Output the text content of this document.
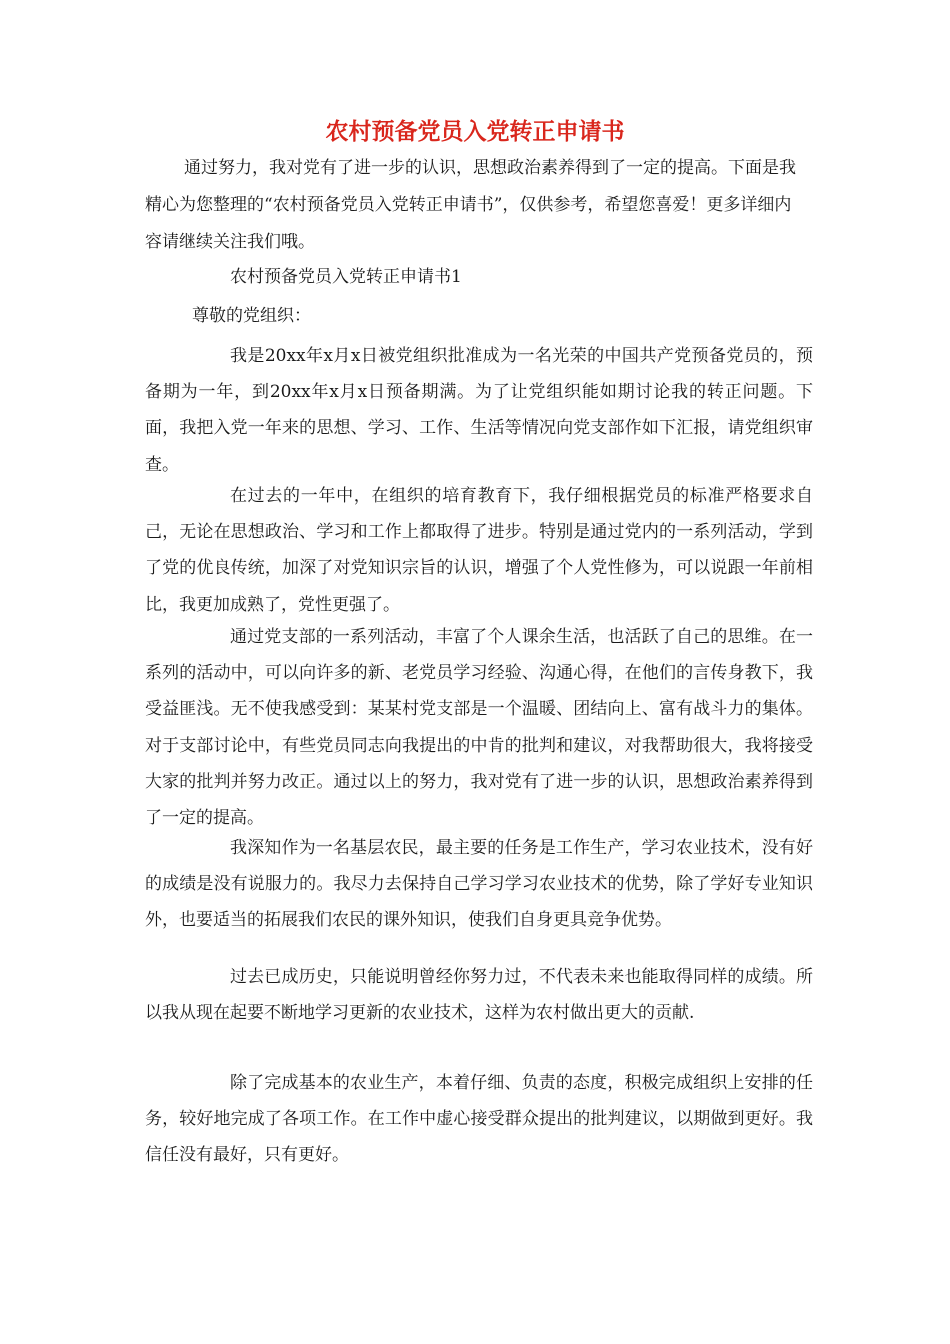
农村预备党员入党转正申请书

通过努力，我对党有了进一步的认识，思想政治素养得到了一定的提高。下面是我精心为您整理的“农村预备党员入党转正申请书”，仅供参考，希望您喜爱！更多详细内容请继续关注我们哦。

农村预备党员入党转正申请书1

尊敬的党组织：

我是20xx年x月x日被党组织批准成为一名光荣的中国共产党预备党员的，预备期为一年，到20xx年x月x日预备期满。为了让党组织能如期讨论我的转正问题。下面，我把入党一年来的思想、学习、工作、生活等情况向党支部作如下汇报，请党组织审查。

在过去的一年中，在组织的培育教育下，我仔细根据党员的标准严格要求自己，无论在思想政治、学习和工作上都取得了进步。特别是通过党内的一系列活动，学到了党的优良传统，加深了对党知识宗旨的认识，增强了个人党性修为，可以说跟一年前相比，我更加成熟了，党性更强了。

通过党支部的一系列活动，丰富了个人课余生活，也活跃了自己的思维。在一系列的活动中，可以向许多的新、老党员学习经验、沟通心得，在他们的言传身教下，我受益匪浅。无不使我感受到：某某村党支部是一个温暖、团结向上、富有战斗力的集体。对于支部讨论中，有些党员同志向我提出的中肯的批判和建议，对我帮助很大，我将接受大家的批判并努力改正。通过以上的努力，我对党有了进一步的认识，思想政治素养得到了一定的提高。

我深知作为一名基层农民，最主要的任务是工作生产，学习农业技术，没有好的成绩是没有说服力的。我尽力去保持自己学习学习农业技术的优势，除了学好专业知识外，也要适当的拓展我们农民的课外知识，使我们自身更具竞争优势。

过去已成历史，只能说明曾经你努力过，不代表未来也能取得同样的成绩。所以我从现在起要不断地学习更新的农业技术，这样为农村做出更大的贡献.

除了完成基本的农业生产，本着仔细、负责的态度，积极完成组织上安排的任务，较好地完成了各项工作。在工作中虚心接受群众提出的批判建议，以期做到更好。我信任没有最好，只有更好。
